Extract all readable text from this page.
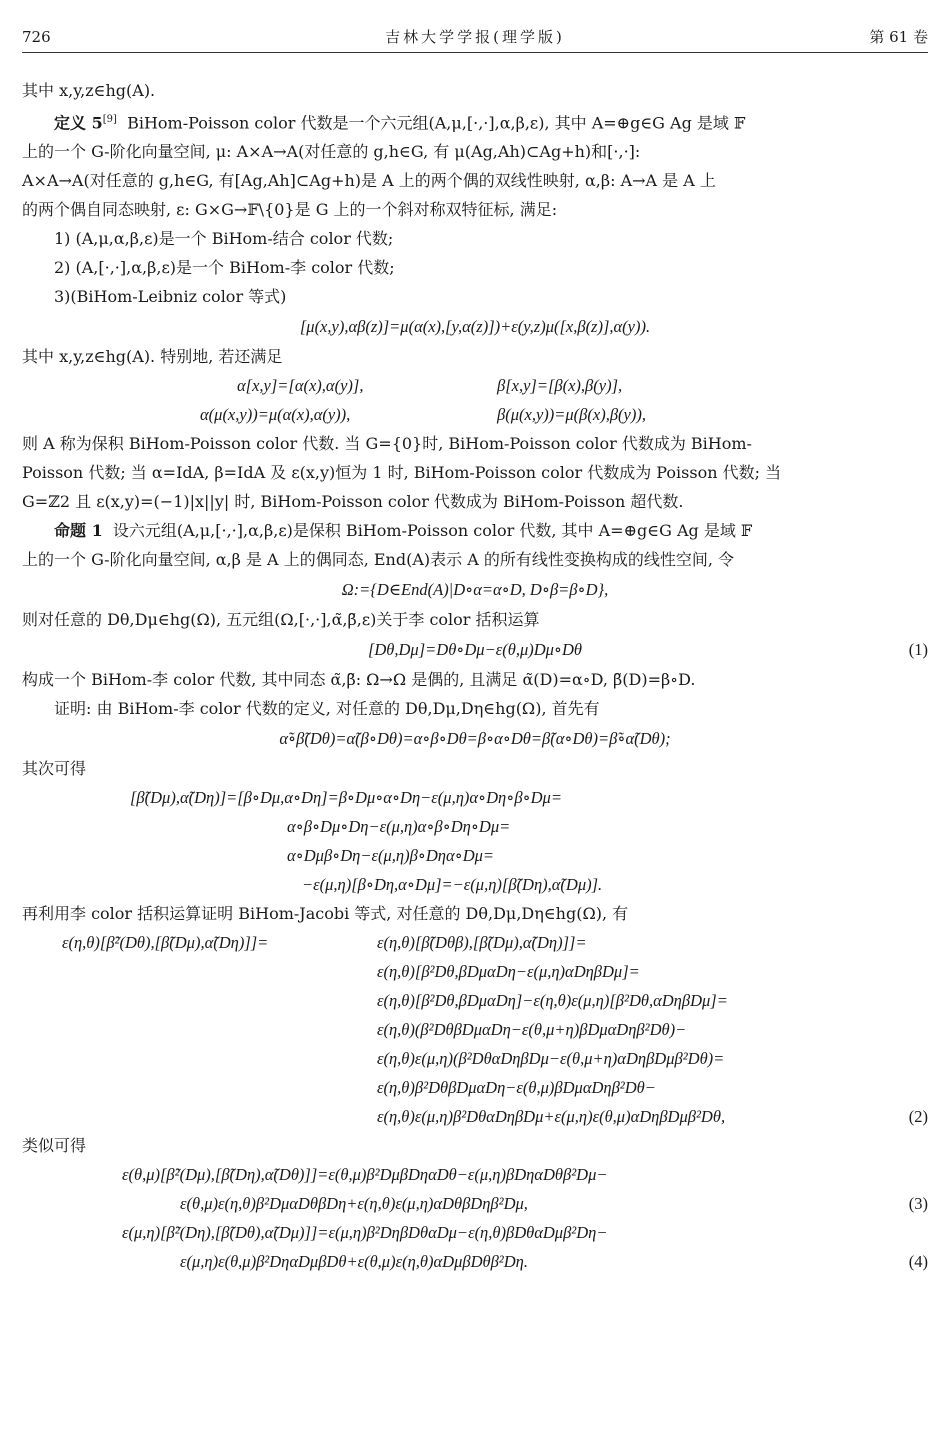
726	吉林大学学报(理学版)	第 61 卷

其中 x,y,z∈hg(A).

定义 5[9] BiHom-Poisson color 代数是一个六元组(A,μ,[·,·],α,β,ε), 其中 A=⊕g∈G Ag 是域 𝔽

上的一个 G-阶化向量空间, μ: A×A→A(对任意的 g,h∈G, 有 μ(Ag,Ah)⊂Ag+h)和[·,·]:

A×A→A(对任意的 g,h∈G, 有[Ag,Ah]⊂Ag+h)是 A 上的两个偶的双线性映射, α,β: A→A 是 A 上

的两个偶自同态映射, ε: G×G→𝔽\{0}是 G 上的一个斜对称双特征标, 满足:

1) (A,μ,α,β,ε)是一个 BiHom-结合 color 代数;

2) (A,[·,·],α,β,ε)是一个 BiHom-李 color 代数;

3)(BiHom-Leibniz color 等式)

[μ(x,y),αβ(z)]=μ(α(x),[y,α(z)])+ε(y,z)μ([x,β(z)],α(y)).

其中 x,y,z∈hg(A). 特别地, 若还满足

α[x,y]=[α(x),α(y)],	β[x,y]=[β(x),β(y)],
α(μ(x,y))=μ(α(x),α(y)),	β(μ(x,y))=μ(β(x),β(y)),

则 A 称为保积 BiHom-Poisson color 代数. 当 G={0}时, BiHom-Poisson color 代数成为 BiHom-

Poisson 代数; 当 α=IdA, β=IdA 及 ε(x,y)恒为 1 时, BiHom-Poisson color 代数成为 Poisson 代数; 当

G=ℤ2 且 ε(x,y)=(−1)|x||y| 时, BiHom-Poisson color 代数成为 BiHom-Poisson 超代数.

命题 1 设六元组(A,μ,[·,·],α,β,ε)是保积 BiHom-Poisson color 代数, 其中 A=⊕g∈G Ag 是域 𝔽

上的一个 G-阶化向量空间, α,β 是 A 上的偶同态, End(A)表示 A 的所有线性变换构成的线性空间, 令

Ω:={D∈End(A)|D∘α=α∘D, D∘β=β∘D},

则对任意的 Dθ,Dμ∈hg(Ω), 五元组(Ω,[·,·],α̃,β̃,ε)关于李 color 括积运算

[Dθ,Dμ]=Dθ∘Dμ−ε(θ,μ)Dμ∘Dθ	(1)

构成一个 BiHom-李 color 代数, 其中同态 α̃,β̃: Ω→Ω 是偶的, 且满足 α̃(D)=α∘D, β̃(D)=β∘D.

证明: 由 BiHom-李 color 代数的定义, 对任意的 Dθ,Dμ,Dη∈hg(Ω), 首先有

α̃∘β̃(Dθ)=α̃(β∘Dθ)=α∘β∘Dθ=β∘α∘Dθ=β̃(α∘Dθ)=β̃∘α̃(Dθ);

其次可得

[β̃(Dμ),α̃(Dη)]=[β∘Dμ,α∘Dη]=β∘Dμ∘α∘Dη−ε(μ,η)α∘Dη∘β∘Dμ=
α∘β∘Dμ∘Dη−ε(μ,η)α∘β∘Dη∘Dμ=
α∘Dμβ∘Dη−ε(μ,η)β∘Dηα∘Dμ=
−ε(μ,η)[β∘Dη,α∘Dμ]=−ε(μ,η)[β̃(Dη),α̃(Dμ)].

再利用李 color 括积运算证明 BiHom-Jacobi 等式, 对任意的 Dθ,Dμ,Dη∈hg(Ω), 有

ε(η,θ)[β̃²(Dθ),[β̃(Dμ),α̃(Dη)]]=	ε(η,θ)[β̃(Dθβ),[β̃(Dμ),α̃(Dη)]]=
ε(η,θ)[β²Dθ,βDμαDη−ε(μ,η)αDηβDμ]=
ε(η,θ)[β²Dθ,βDμαDη]−ε(η,θ)ε(μ,η)[β²Dθ,αDηβDμ]=
ε(η,θ)(β²DθβDμαDη−ε(θ,μ+η)βDμαDηβ²Dθ)−
ε(η,θ)ε(μ,η)(β²DθαDηβDμ−ε(θ,μ+η)αDηβDμβ²Dθ)=
ε(η,θ)β²DθβDμαDη−ε(θ,μ)βDμαDηβ²Dθ−
ε(η,θ)ε(μ,η)β²DθαDηβDμ+ε(μ,η)ε(θ,μ)αDηβDμβ²Dθ,	(2)

类似可得

ε(θ,μ)[β̃²(Dμ),[β̃(Dη),α̃(Dθ)]]=ε(θ,μ)β²DμβDηαDθ−ε(μ,η)βDηαDθβ²Dμ−
ε(θ,μ)ε(η,θ)β²DμαDθβDη+ε(η,θ)ε(μ,η)αDθβDηβ²Dμ,	(3)
ε(μ,η)[β̃²(Dη),[β̃(Dθ),α̃(Dμ)]]=ε(μ,η)β²DηβDθαDμ−ε(η,θ)βDθαDμβ²Dη−
ε(μ,η)ε(θ,μ)β²DηαDμβDθ+ε(θ,μ)ε(η,θ)αDμβDθβ²Dη.	(4)
